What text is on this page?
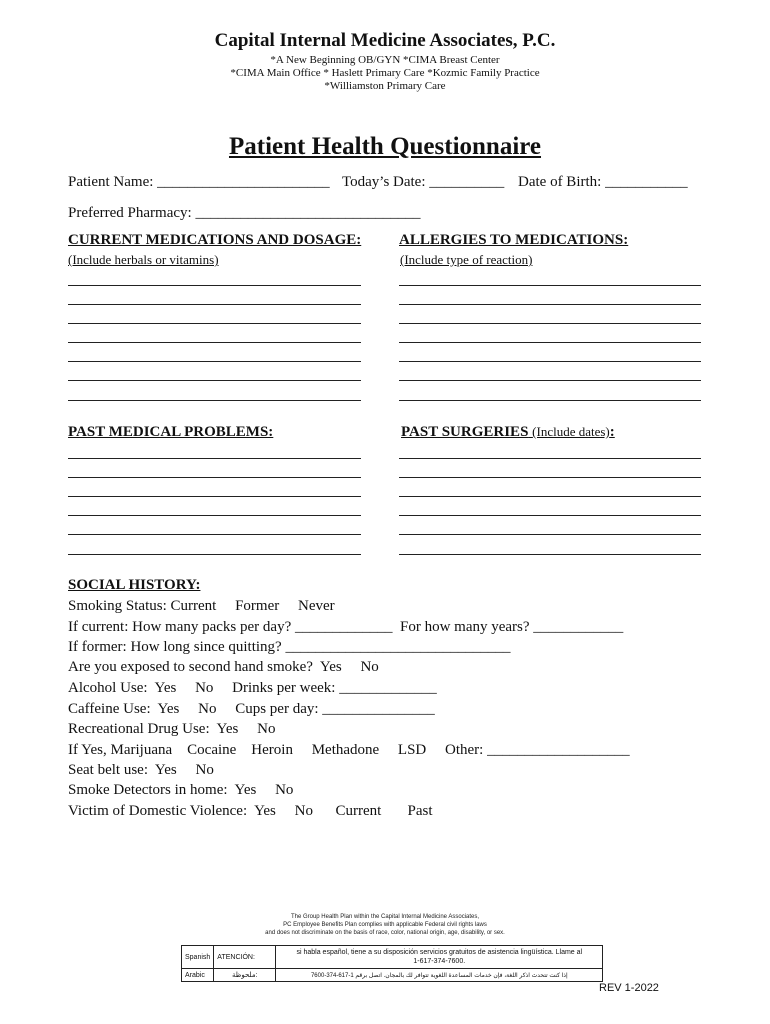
Capital Internal Medicine Associates, P.C.
*A New Beginning OB/GYN *CIMA Breast Center
*CIMA Main Office * Haslett Primary Care *Kozmic Family Practice
*Williamston Primary Care
Patient Health Questionnaire
Patient Name: _______________________ Today’s Date: __________ Date of Birth: ___________
Preferred Pharmacy: ______________________________
CURRENT MEDICATIONS AND DOSAGE:
(Include herbals or vitamins)
ALLERGIES TO MEDICATIONS:
(Include type of reaction)
PAST MEDICAL PROBLEMS:	PAST SURGERIES (Include dates):
SOCIAL HISTORY:
Smoking Status: Current     Former     Never
If current: How many packs per day? _____________  For how many years? ____________
If former: How long since quitting? ______________________________
Are you exposed to second hand smoke?  Yes     No
Alcohol Use:  Yes     No     Drinks per week: _____________
Caffeine Use:  Yes     No     Cups per day: _______________
Recreational Drug Use:  Yes     No
If Yes, Marijuana    Cocaine    Heroin     Methadone     LSD     Other: ___________________
Seat belt use:  Yes     No
Smoke Detectors in home:  Yes     No
Victim of Domestic Violence:  Yes     No      Current       Past
The Group Health Plan within the Capital Internal Medicine Associates,
PC Employee Benefits Plan complies with applicable Federal civil rights laws
and does not discriminate on the basis of race, color, national origin, age, disability, or sex.
Spanish	ATENCIÓN:	si habla español, tiene a su disposición servicios gratuitos de asistencia lingüística. Llame al
1-617-374-7600.
Arabic	ملحوظة:	إذا كنت تتحدث اذكر اللغة، فإن خدمات المساعدة اللغوية تتوافر لك بالمجان. اتصل برقم 1-617-374-7600
REV 1-2022
